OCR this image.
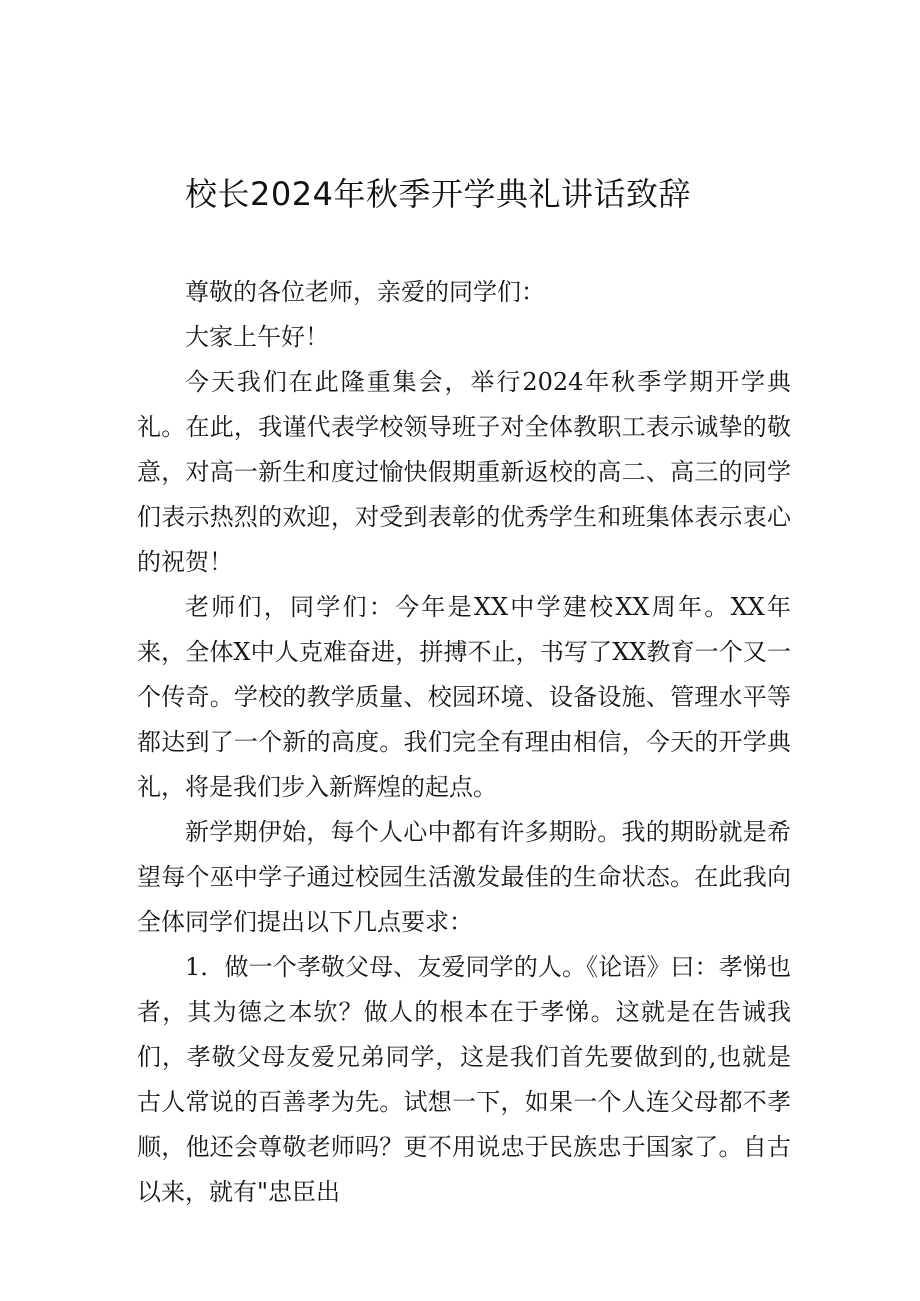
校长2024年秋季开学典礼讲话致辞

尊敬的各位老师，亲爱的同学们：

大家上午好！

今天我们在此隆重集会，举行2024年秋季学期开学典礼。在此，我谨代表学校领导班子对全体教职工表示诚挚的敬意，对高一新生和度过愉快假期重新返校的高二、高三的同学们表示热烈的欢迎，对受到表彰的优秀学生和班集体表示衷心的祝贺！

老师们，同学们：今年是XX中学建校XX周年。XX年来，全体X中人克难奋进，拼搏不止，书写了XX教育一个又一个传奇。学校的教学质量、校园环境、设备设施、管理水平等都达到了一个新的高度。我们完全有理由相信，今天的开学典礼，将是我们步入新辉煌的起点。

新学期伊始，每个人心中都有许多期盼。我的期盼就是希望每个巫中学子通过校园生活激发最佳的生命状态。在此我向全体同学们提出以下几点要求：

1．做一个孝敬父母、友爱同学的人。《论语》曰：孝悌也者，其为德之本欤？做人的根本在于孝悌。这就是在告诫我们，孝敬父母友爱兄弟同学，这是我们首先要做到的,也就是古人常说的百善孝为先。试想一下，如果一个人连父母都不孝顺，他还会尊敬老师吗？更不用说忠于民族忠于国家了。自古以来，就有"忠臣出
